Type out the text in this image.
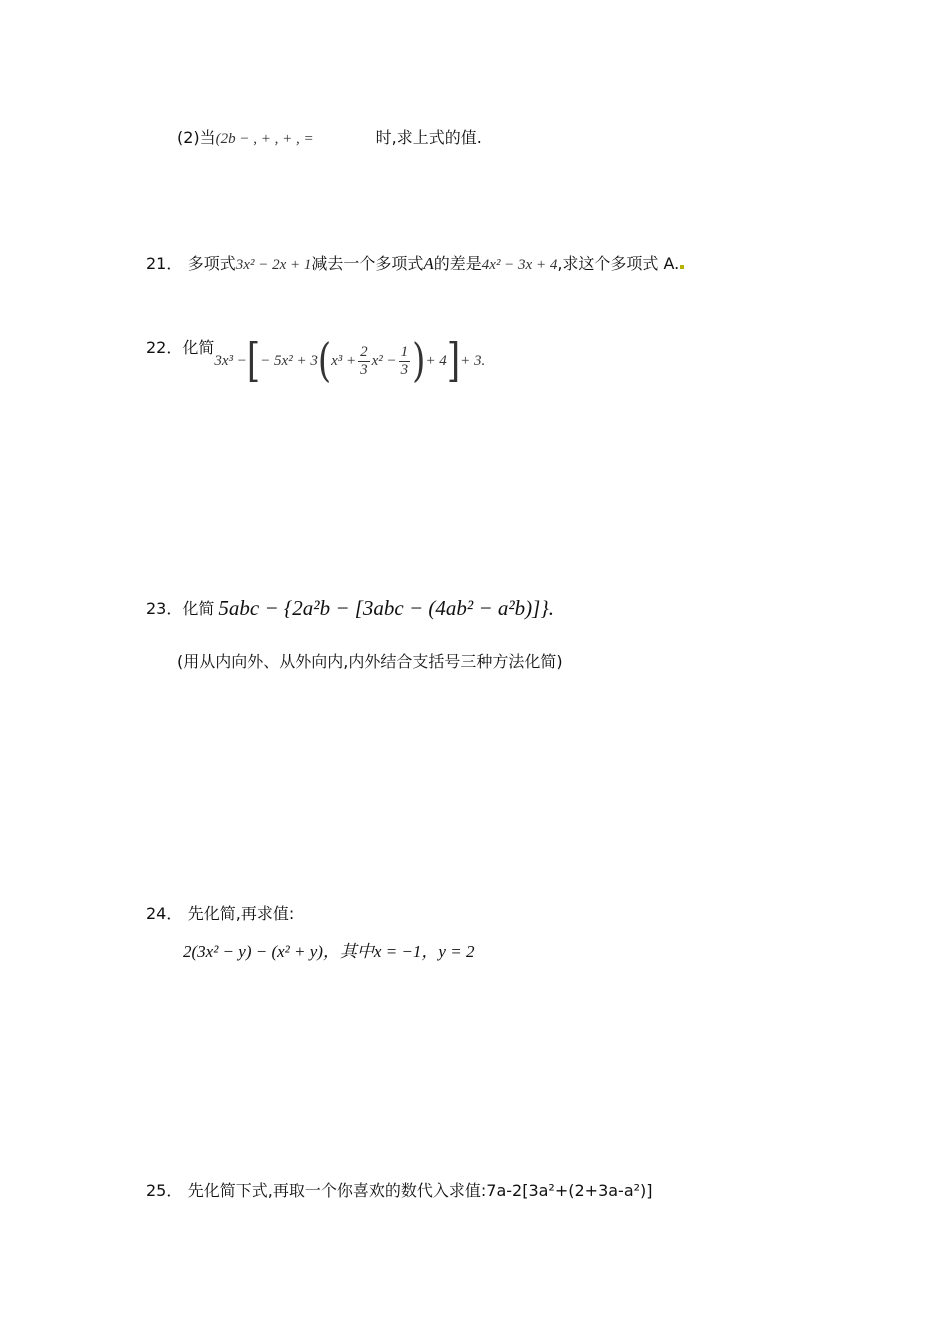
(2)当(2b − , + , + , =	时,求上式的值.
21． 多项式3x² − 2x + 1减去一个多项式A的差是4x² − 3x + 4,求这个多项式 A.
22． 化简
3x³ − [ − 5x² + 3 ( $x^3 + \frac{2}{3} x^2 - \frac{1}{3}$ ) + 4 ] + 3.
23． 化简 5abc − {2a²b − [3abc − (4ab² − a²b)]}.
(用从内向外、从外向内,内外结合支括号三种方法化简)
24． 先化简,再求值:
2(3x² − y) − (x² + y)，其中x = −1，y = 2
25． 先化简下式,再取一个你喜欢的数代入求值:7a-2[3a²+(2+3a-a²)]
